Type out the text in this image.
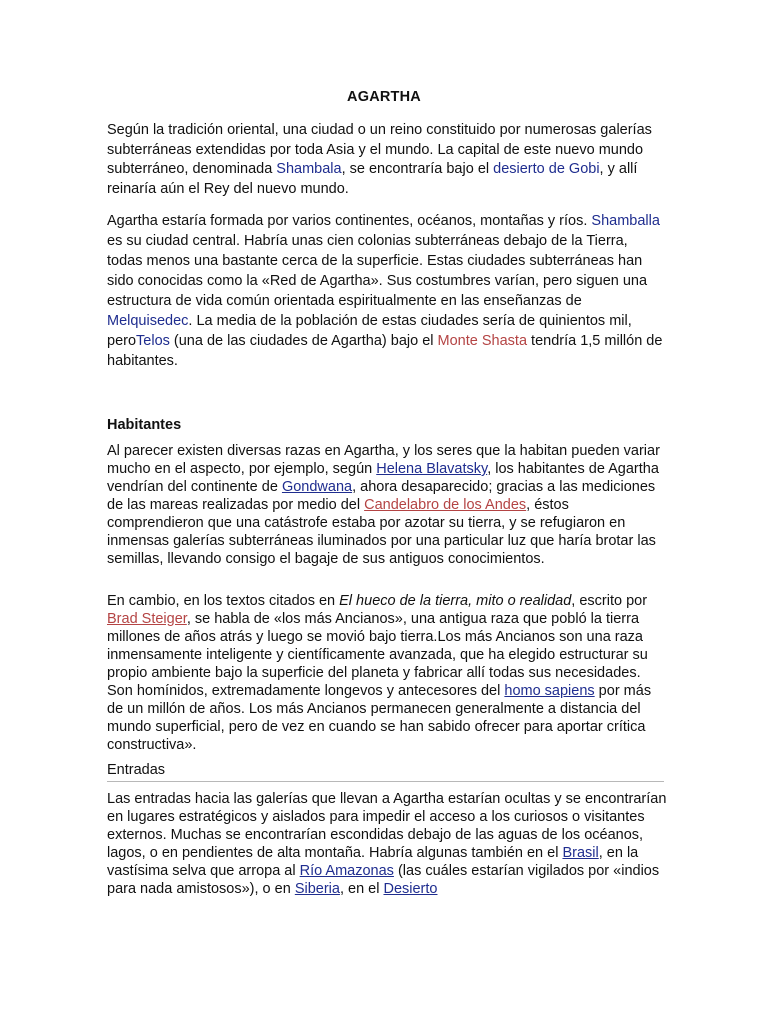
AGARTHA
Según la tradición oriental, una ciudad o un reino constituido por numerosas galerías subterráneas extendidas por toda Asia y el mundo. La capital de este nuevo mundo subterráneo, denominada Shambala, se encontraría bajo el desierto de Gobi, y allí reinaría aún el Rey del nuevo mundo.
Agartha estaría formada por varios continentes, océanos, montañas y ríos. Shamballa es su ciudad central. Habría unas cien colonias subterráneas debajo de la Tierra, todas menos una bastante cerca de la superficie. Estas ciudades subterráneas han sido conocidas como la «Red de Agartha». Sus costumbres varían, pero siguen una estructura de vida común orientada espiritualmente en las enseñanzas de Melquisedec. La media de la población de estas ciudades sería de quinientos mil, peroTelos (una de las ciudades de Agartha) bajo el Monte Shasta tendría 1,5 millón de habitantes.
Habitantes
Al parecer existen diversas razas en Agartha, y los seres que la habitan pueden variar mucho en el aspecto, por ejemplo, según Helena Blavatsky, los habitantes de Agartha vendrían del continente de Gondwana, ahora desaparecido; gracias a las mediciones de las mareas realizadas por medio del Candelabro de los Andes, éstos comprendieron que una catástrofe estaba por azotar su tierra, y se refugiaron en inmensas galerías subterráneas iluminados por una particular luz que haría brotar las semillas, llevando consigo el bagaje de sus antiguos conocimientos.
En cambio, en los textos citados en El hueco de la tierra, mito o realidad, escrito por Brad Steiger, se habla de «los más Ancianos», una antigua raza que pobló la tierra millones de años atrás y luego se movió bajo tierra.Los más Ancianos son una raza inmensamente inteligente y científicamente avanzada, que ha elegido estructurar su propio ambiente bajo la superficie del planeta y fabricar allí todas sus necesidades. Son homínidos, extremadamente longevos y antecesores del homo sapiens por más de un millón de años. Los más Ancianos permanecen generalmente a distancia del mundo superficial, pero de vez en cuando se han sabido ofrecer para aportar crítica constructiva».
Entradas
Las entradas hacia las galerías que llevan a Agartha estarían ocultas y se encontrarían en lugares estratégicos y aislados para impedir el acceso a los curiosos o visitantes externos. Muchas se encontrarían escondidas debajo de las aguas de los océanos, lagos, o en pendientes de alta montaña. Habría algunas también en el Brasil, en la vastísima selva que arropa al Río Amazonas (las cuáles estarían vigilados por «indios para nada amistosos»), o en Siberia, en el Desierto
